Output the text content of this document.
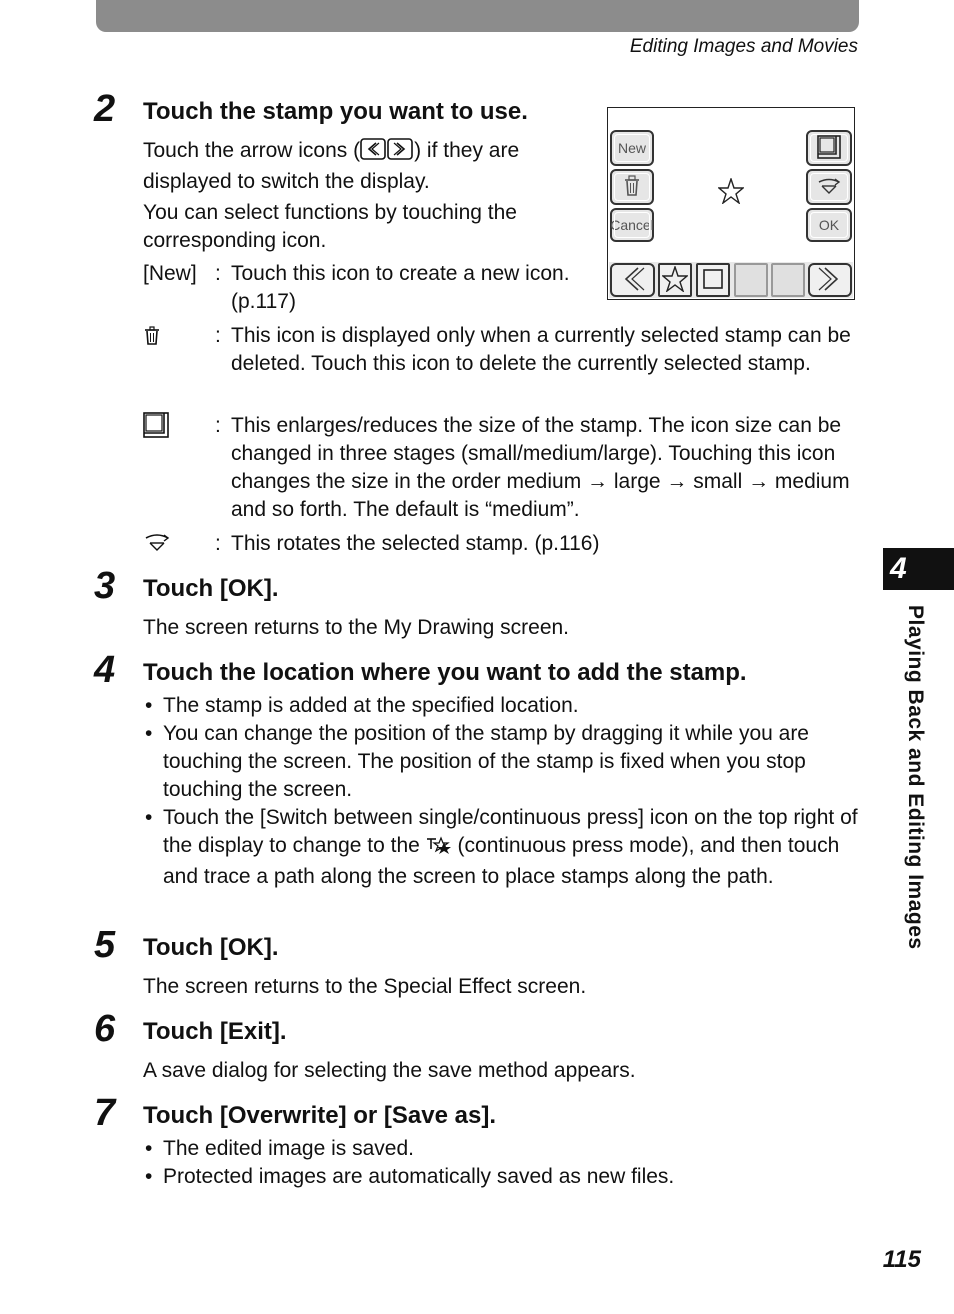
Editing Images and Movies
2 Touch the stamp you want to use.
Touch the arrow icons (	) if they are
displayed to switch the display.
You can select functions by touching the
corresponding icon.
[New] : Touch this icon to create a new icon.
(p.117)
: This icon is displayed only when a currently selected stamp can be deleted. Touch this icon to delete the currently selected stamp.
: This enlarges/reduces the size of the stamp. The icon size can be changed in three stages (small/medium/large). Touching this icon changes the size in the order medium → large → small → medium and so forth. The default is “medium”.
: This rotates the selected stamp. (p.116)
New
Cancel	OK
3 Touch [OK].
The screen returns to the My Drawing screen.
4 Touch the location where you want to add the stamp.
• The stamp is added at the specified location.
• You can change the position of the stamp by dragging it while you are touching the screen. The position of the stamp is fixed when you stop touching the screen.
• Touch the [Switch between single/continuous press] icon on the top right of the display to change to the  (continuous press mode), and then touch and trace a path along the screen to place stamps along the path.
5 Touch [OK].
The screen returns to the Special Effect screen.
6 Touch [Exit].
A save dialog for selecting the save method appears.
7 Touch [Overwrite] or [Save as].
• The edited image is saved.
• Protected images are automatically saved as new files.
4
Playing Back and Editing Images
115
